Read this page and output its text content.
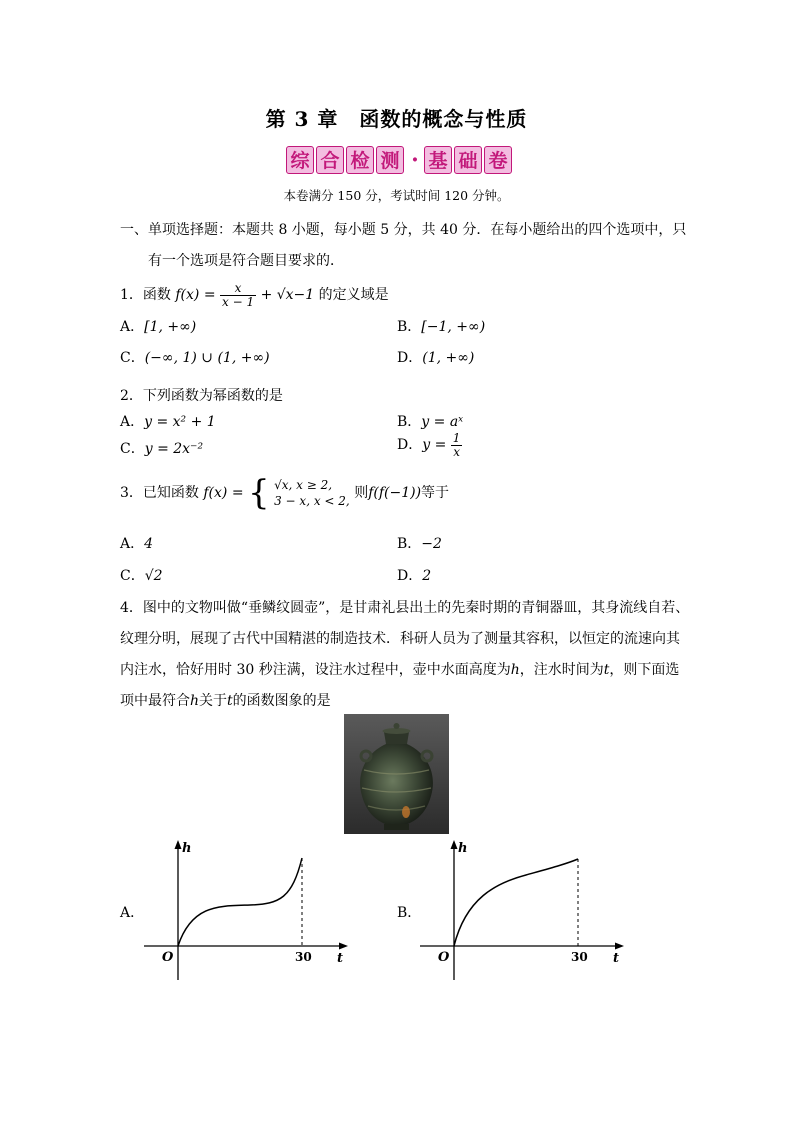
第 3 章　函数的概念与性质
综 合 检 测 · 基 础 卷
本卷满分 150 分，考试时间 120 分钟。
一、单项选择题：本题共 8 小题，每小题 5 分，共 40 分．在每小题给出的四个选项中，只
有一个选项是符合题目要求的．
1．函数 $f(x) = \frac{x}{x - 1} + √x-1$ 的定义域是
A．[1, +∞)	B．[−1, +∞)
C．(−∞, 1) ∪ (1, +∞)	D．(1, +∞)
2．下列函数为幂函数的是
A．y = x² + 1	B．y = aˣ
C．y = 2x⁻²	D．$y = \frac{1}{x}$
3．已知函数 f(x) = { √x, x ≥ 2,
3 − x, x < 2, 则f(f(−1))等于
A．4	B．−2
C．√2	D．2
4．图中的文物叫做“垂鳞纹圆壶”，是甘肃礼县出土的先秦时期的青铜器皿，其身流线自若、
纹理分明，展现了古代中国精湛的制造技术．科研人员为了测量其容积，以恒定的流速向其
内注水，恰好用时 30 秒注满，设注水过程中，壶中水面高度为h，注水时间为t，则下面选
项中最符合h关于t的函数图象的是
A．
h
t
O	30
B．
h
t
O	30
